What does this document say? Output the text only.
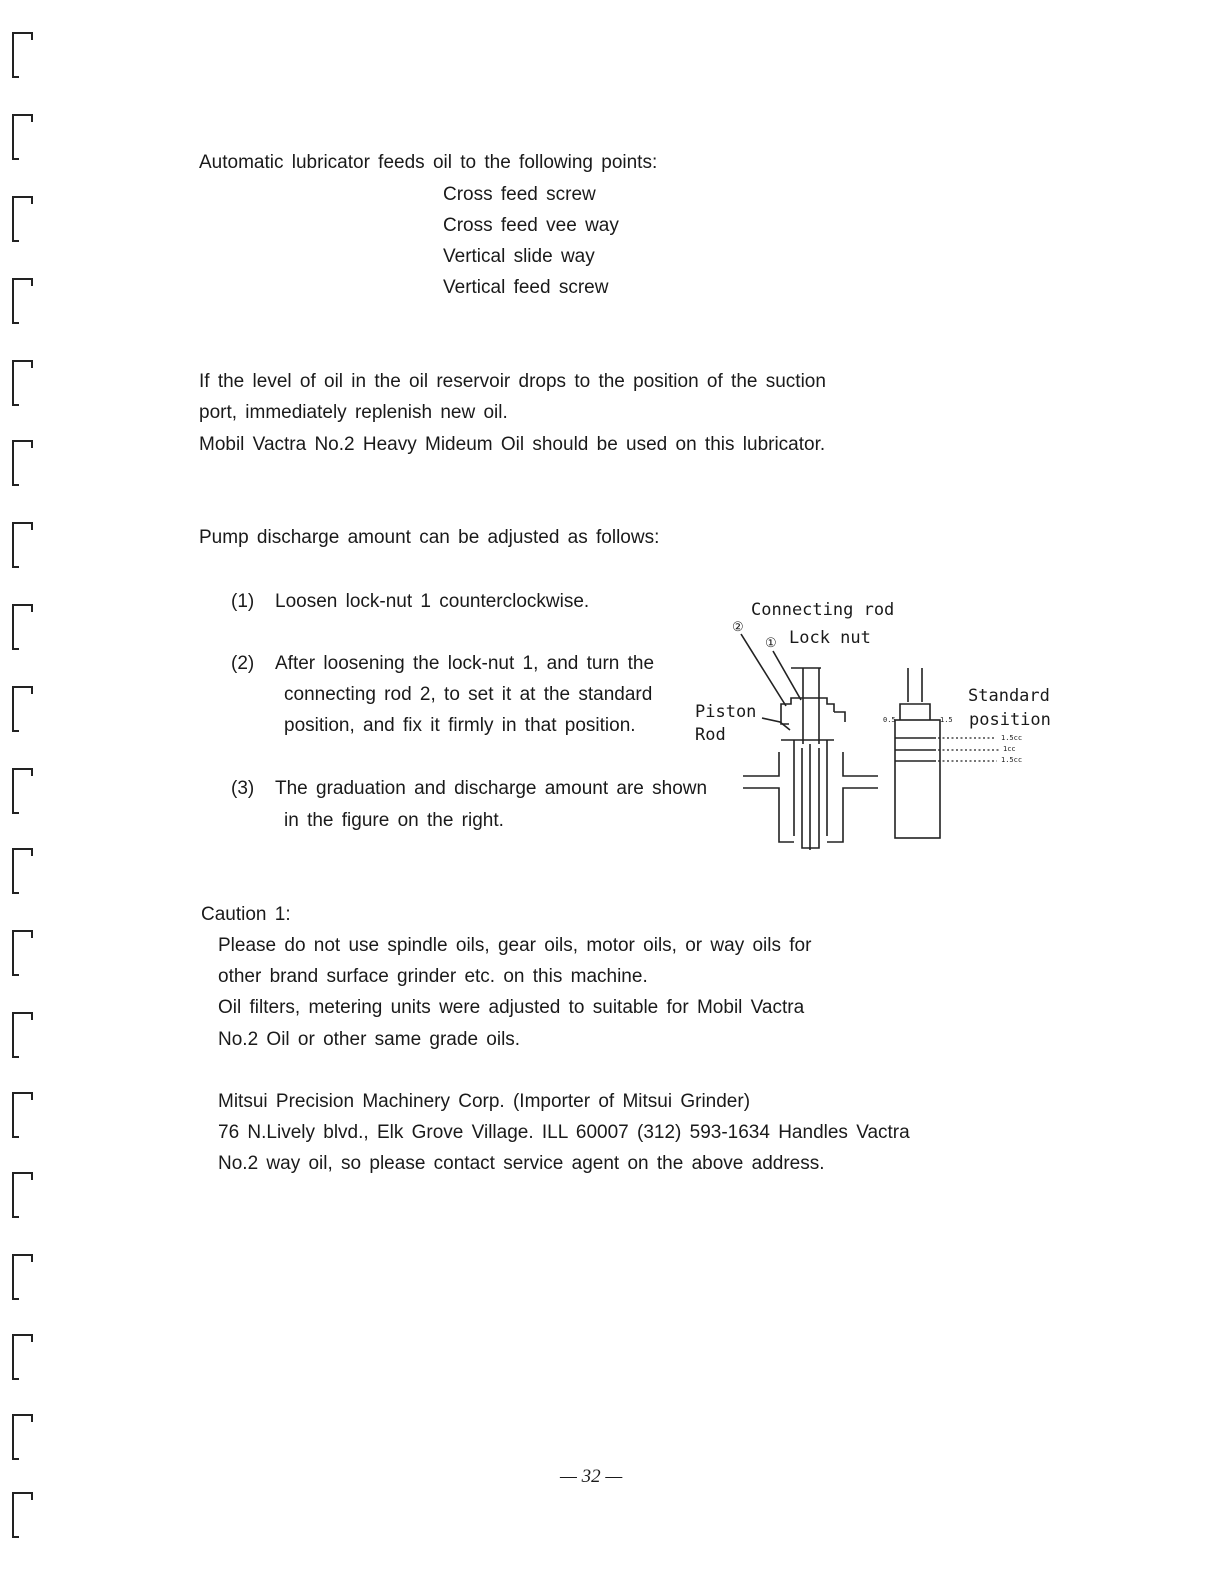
Automatic lubricator feeds oil to the following points:
Cross feed screw
Cross feed vee way
Vertical slide way
Vertical feed screw
If the level of oil in the oil reservoir drops to the position of the suction
port, immediately replenish new oil.
Mobil Vactra No.2 Heavy Mideum Oil should be used on this lubricator.
Pump discharge amount can be adjusted as follows:
(1) Loosen lock-nut 1 counterclockwise.
(2) After loosening the lock-nut 1, and turn the
connecting rod 2, to set it at the standard
position, and fix it firmly in that position.
(3) The graduation and discharge amount are shown
in the figure on the right.
Connecting rod
②
① Lock nut
Piston
Rod
Standard
position
0.5	1.5
1.5cc
1cc
1.5cc
Caution 1:
Please do not use spindle oils, gear oils, motor oils, or way oils for
other brand surface grinder etc. on this machine.
Oil filters, metering units were adjusted to suitable for Mobil Vactra
No.2 Oil or other same grade oils.
Mitsui Precision Machinery Corp. (Importer of Mitsui Grinder)
76 N.Lively blvd., Elk Grove Village. ILL 60007 (312) 593-1634 Handles Vactra
No.2 way oil, so please contact service agent on the above address.
— 32 —
